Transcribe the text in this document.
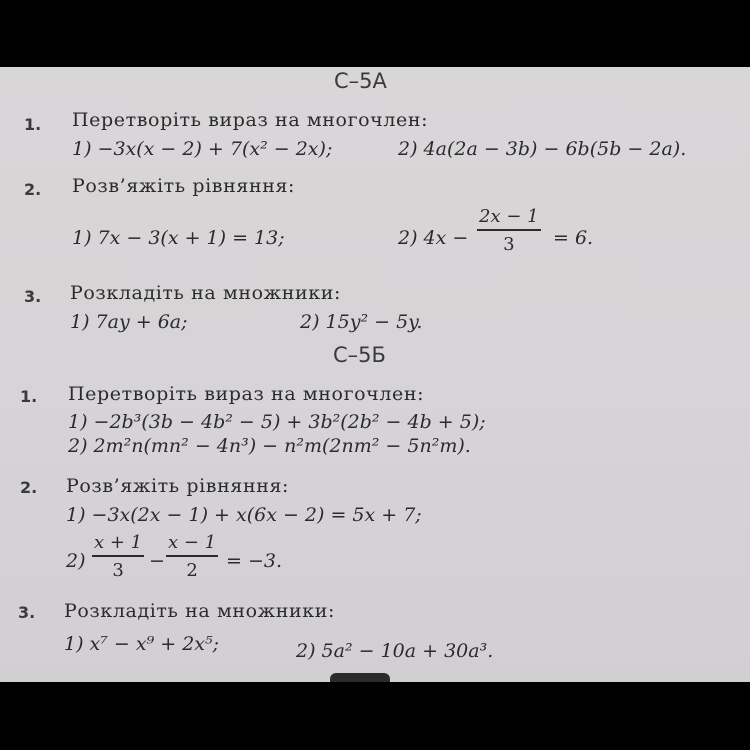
С–5А
1. Перетворіть вираз на многочлен:
1) −3x(x − 2) + 7(x² − 2x);	2) 4a(2a − 3b) − 6b(5b − 2a).
2. Розв’яжіть рівняння:
1) 7x − 3(x + 1) = 13;	2) 4x −
2x − 1
3	= 6.
3. Розкладіть на множники:
1) 7ay + 6a;	2) 15y² − 5y.
С–5Б
1. Перетворіть вираз на многочлен:
1) −2b³(3b − 4b² − 5) + 3b²(2b² − 4b + 5);
2) 2m²n(mn² − 4n³) − n²m(2nm² − 5n²m).
2. Розв’яжіть рівняння:
1) −3x(2x − 1) + x(6x − 2) = 5x + 7;
2)
x + 1
3	−
x − 1
2	= −3.
3. Розкладіть на множники:
1) x⁷ − x⁹ + 2x⁵;	2) 5a² − 10a + 30a³.
